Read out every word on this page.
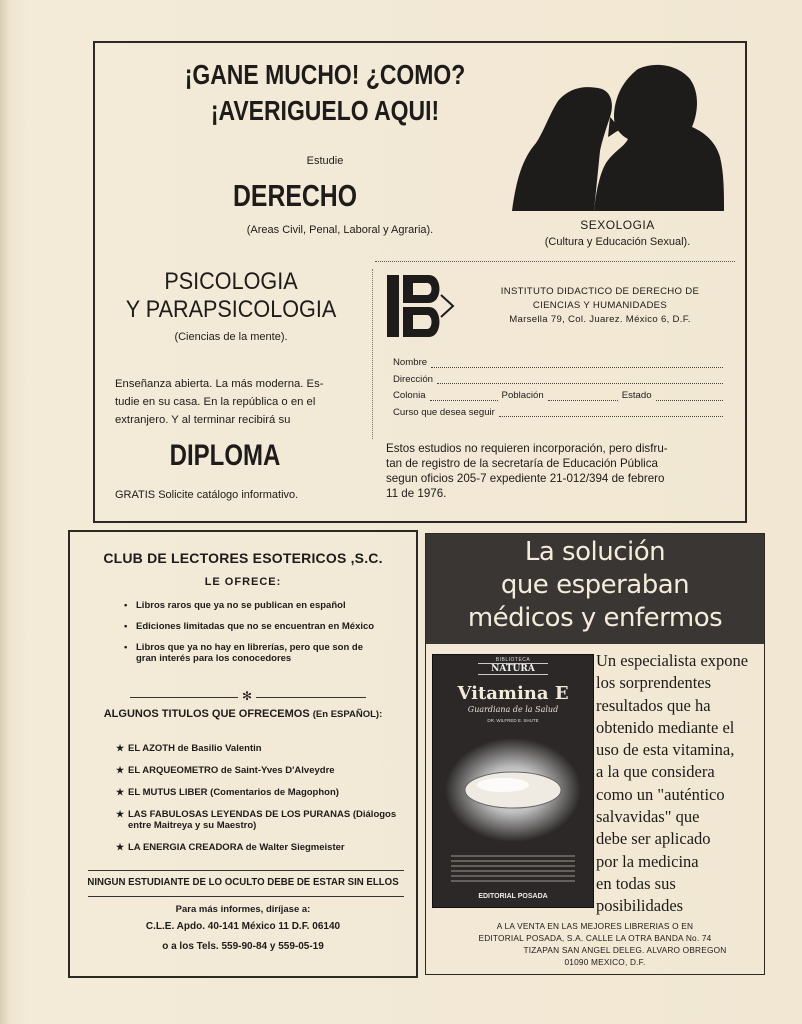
¡GANE MUCHO! ¿COMO?
¡AVERIGUELO AQUI!
Estudie
DERECHO
(Areas Civil, Penal, Laboral y Agraria).	SEXOLOGIA
(Cultura y Educación Sexual).
PSICOLOGIA
Y PARAPSICOLOGIA
(Ciencias de la mente).
Enseñanza abierta. La más moderna. Es-
tudie en su casa. En la república o en el
extranjero. Y al terminar recibirá su
DIPLOMA
GRATIS Solicite catálogo informativo.
INSTITUTO DIDACTICO DE DERECHO DE
CIENCIAS Y HUMANIDADES
Marsella 79, Col. Juarez. México 6, D.F.
Nombre
Dirección
Colonia	Población	Estado
Curso que desea seguir
Estos estudios no requieren incorporación, pero disfru-
tan de registro de la secretaría de Educación Pública
segun oficios 205-7 expediente 21-012/394 de febrero
11 de 1976.
CLUB DE LECTORES ESOTERICOS ,S.C.
LE OFRECE:
• Libros raros que ya no se publican en español
• Ediciones limitadas que no se encuentran en México
• Libros que ya no hay en librerías, pero que son de gran interés para los conocedores
✻
ALGUNOS TITULOS QUE OFRECEMOS (En ESPAÑOL):
★ EL AZOTH de Basilio Valentin
★ EL ARQUEOMETRO de Saint-Yves D'Alveydre
★ EL MUTUS LIBER (Comentarios de Magophon)
★ LAS FABULOSAS LEYENDAS DE LOS PURANAS (Diálogos entre Maitreya y su Maestro)
★ LA ENERGIA CREADORA de Walter Siegmeister
NINGUN ESTUDIANTE DE LO OCULTO DEBE DE ESTAR SIN ELLOS
Para más informes, diríjase a:
C.L.E. Apdo. 40-141 México 11 D.F. 06140
o a los Tels. 559-90-84 y 559-05-19
La solución
que esperaban
médicos y enfermos
BIBLIOTECA
NATURA
Vitamina E
Guardiana de la Salud
DR. WILFRED E. SHUTE
EDITORIAL POSADA
Un especialista expone
los sorprendentes
resultados que ha
obtenido mediante el
uso de esta vitamina,
a la que considera
como un "auténtico
salvavidas" que
debe ser aplicado
por la medicina
en todas sus
posibilidades
A LA VENTA EN LAS MEJORES LIBRERIAS O EN
EDITORIAL POSADA, S.A. CALLE LA OTRA BANDA No. 74
TIZAPAN SAN ANGEL DELEG. ALVARO OBREGON
01090 MEXICO, D.F.
